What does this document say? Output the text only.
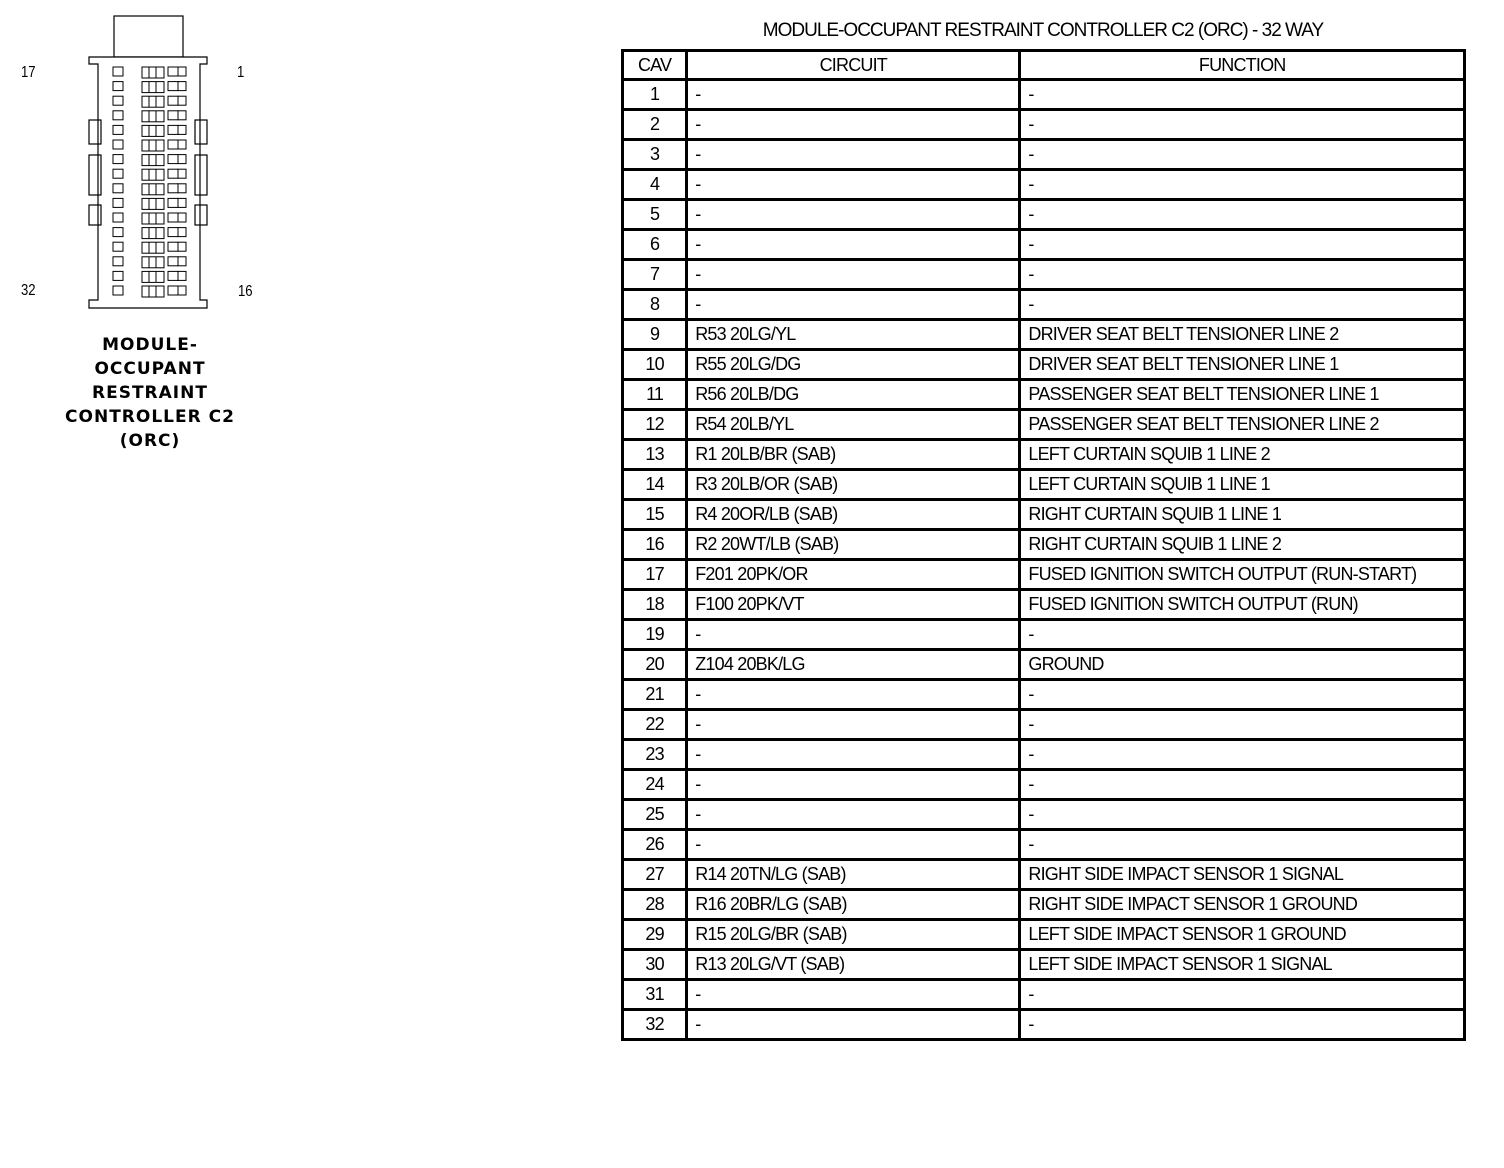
17	1
32	16
MODULE-
OCCUPANT
RESTRAINT
CONTROLLER C2
(ORC)
MODULE-OCCUPANT RESTRAINT CONTROLLER C2 (ORC) - 32 WAY
CAV	CIRCUIT	FUNCTION
1	-	-
2	-	-
3	-	-
4	-	-
5	-	-
6	-	-
7	-	-
8	-	-
9	R53 20LG/YL	DRIVER SEAT BELT TENSIONER LINE 2
10	R55 20LG/DG	DRIVER SEAT BELT TENSIONER LINE 1
11	R56 20LB/DG	PASSENGER SEAT BELT TENSIONER LINE 1
12	R54 20LB/YL	PASSENGER SEAT BELT TENSIONER LINE 2
13	R1 20LB/BR (SAB)	LEFT CURTAIN SQUIB 1 LINE 2
14	R3 20LB/OR (SAB)	LEFT CURTAIN SQUIB 1 LINE 1
15	R4 20OR/LB (SAB)	RIGHT CURTAIN SQUIB 1 LINE 1
16	R2 20WT/LB (SAB)	RIGHT CURTAIN SQUIB 1 LINE 2
17	F201 20PK/OR	FUSED IGNITION SWITCH OUTPUT (RUN-START)
18	F100 20PK/VT	FUSED IGNITION SWITCH OUTPUT (RUN)
19	-	-
20	Z104 20BK/LG	GROUND
21	-	-
22	-	-
23	-	-
24	-	-
25	-	-
26	-	-
27	R14 20TN/LG (SAB)	RIGHT SIDE IMPACT SENSOR 1 SIGNAL
28	R16 20BR/LG (SAB)	RIGHT SIDE IMPACT SENSOR 1 GROUND
29	R15 20LG/BR (SAB)	LEFT SIDE IMPACT SENSOR 1 GROUND
30	R13 20LG/VT (SAB)	LEFT SIDE IMPACT SENSOR 1 SIGNAL
31	-	-
32	-	-
